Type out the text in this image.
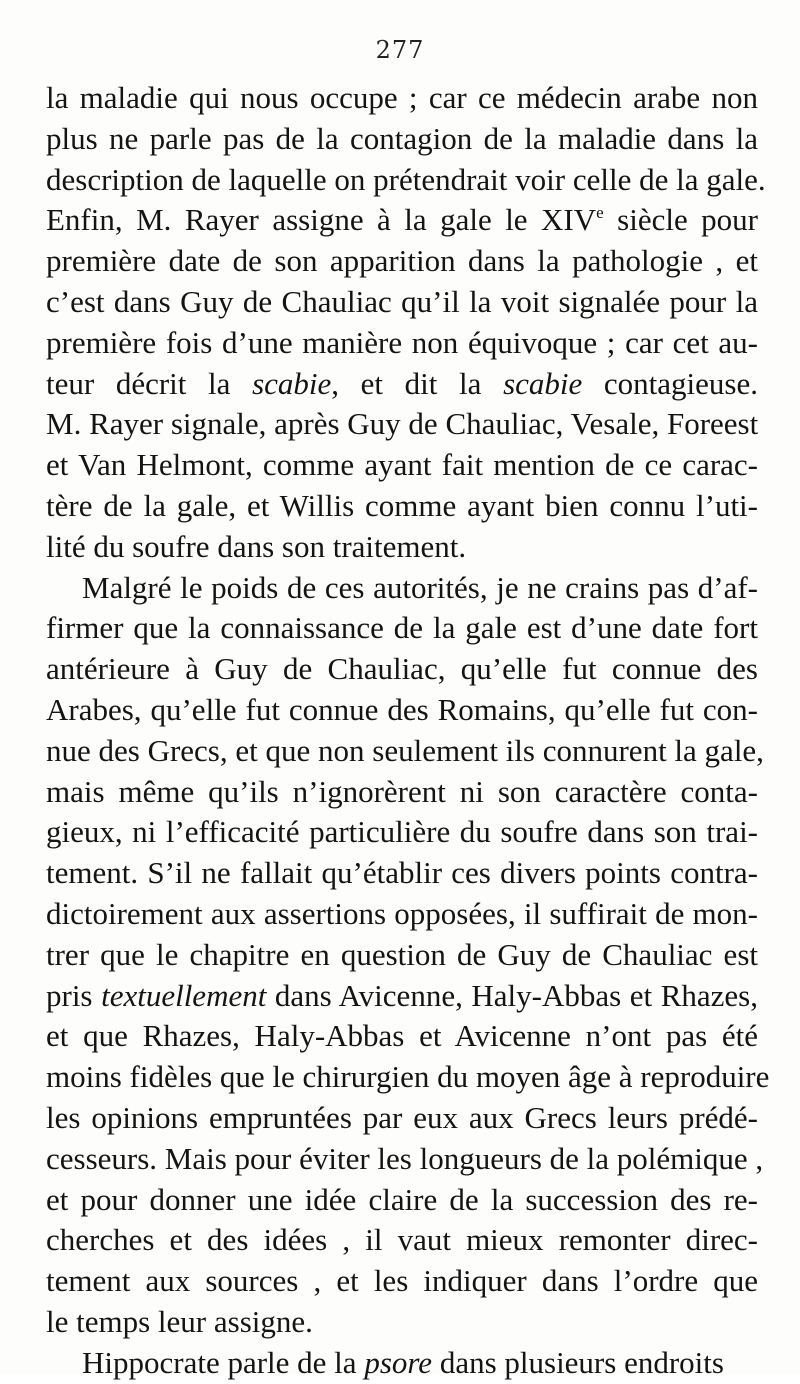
277
la maladie qui nous occupe ; car ce médecin arabe non
plus ne parle pas de la contagion de la maladie dans la
description de laquelle on prétendrait voir celle de la gale.
Enfin, M. Rayer assigne à la gale le XIVe siècle pour
première date de son apparition dans la pathologie , et
c’est dans Guy de Chauliac qu’il la voit signalée pour la
première fois d’une manière non équivoque ; car cet au-
teur décrit la scabie, et dit la scabie contagieuse.
M. Rayer signale, après Guy de Chauliac, Vesale, Foreest
et Van Helmont, comme ayant fait mention de ce carac-
tère de la gale, et Willis comme ayant bien connu l’uti-
lité du soufre dans son traitement.
Malgré le poids de ces autorités, je ne crains pas d’af-
firmer que la connaissance de la gale est d’une date fort
antérieure à Guy de Chauliac, qu’elle fut connue des
Arabes, qu’elle fut connue des Romains, qu’elle fut con-
nue des Grecs, et que non seulement ils connurent la gale,
mais même qu’ils n’ignorèrent ni son caractère conta-
gieux, ni l’efficacité particulière du soufre dans son trai-
tement. S’il ne fallait qu’établir ces divers points contra-
dictoirement aux assertions opposées, il suffirait de mon-
trer que le chapitre en question de Guy de Chauliac est
pris textuellement dans Avicenne, Haly-Abbas et Rhazes,
et que Rhazes, Haly-Abbas et Avicenne n’ont pas été
moins fidèles que le chirurgien du moyen âge à reproduire
les opinions empruntées par eux aux Grecs leurs prédé-
cesseurs. Mais pour éviter les longueurs de la polémique ,
et pour donner une idée claire de la succession des re-
cherches et des idées , il vaut mieux remonter direc-
tement aux sources , et les indiquer dans l’ordre que
le temps leur assigne.
Hippocrate parle de la psore dans plusieurs endroits
